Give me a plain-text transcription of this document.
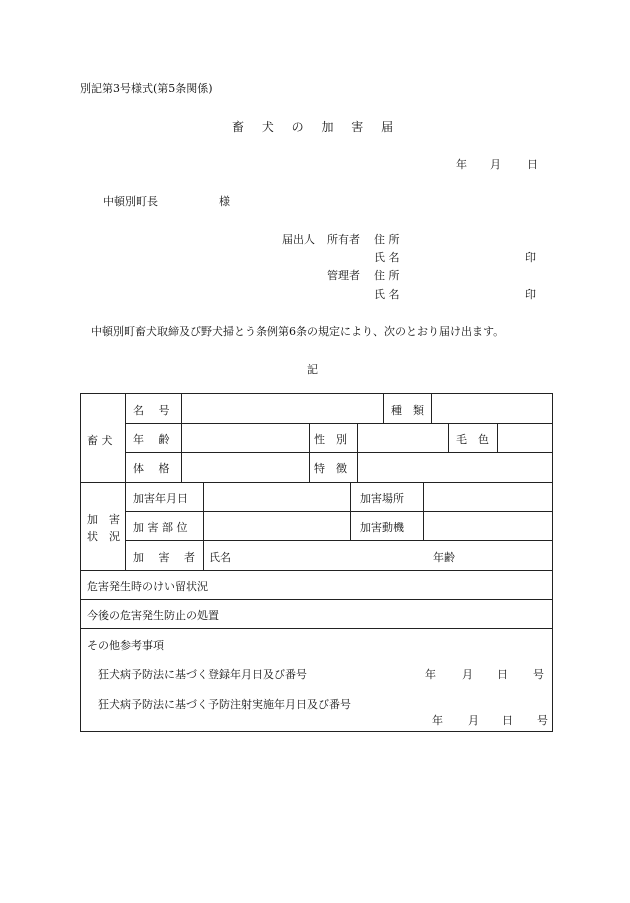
別記第3号様式(第5条関係)
畜 犬 の 加 害 届
年 月 日
中頓別町長	様
届出人 所有者 住 所
氏 名	印
管理者 住 所
氏 名	印
中頓別町畜犬取締及び野犬掃とう条例第6条の規定により、次のとおり届け出ます。
記
畜 犬
名　 号	種　類
年　 齢	性　別	毛　色
体　 格	特　徴
加　害
状　況
加害年月日	加害場所
加 害 部 位	加害動機
加　 害　 者 氏名	年齢
危害発生時のけい留状況
今後の危害発生防止の処置
その他参考事項
狂犬病予防法に基づく登録年月日及び番号	年 月 日 号
狂犬病予防法に基づく予防注射実施年月日及び番号
年 月 日 号
